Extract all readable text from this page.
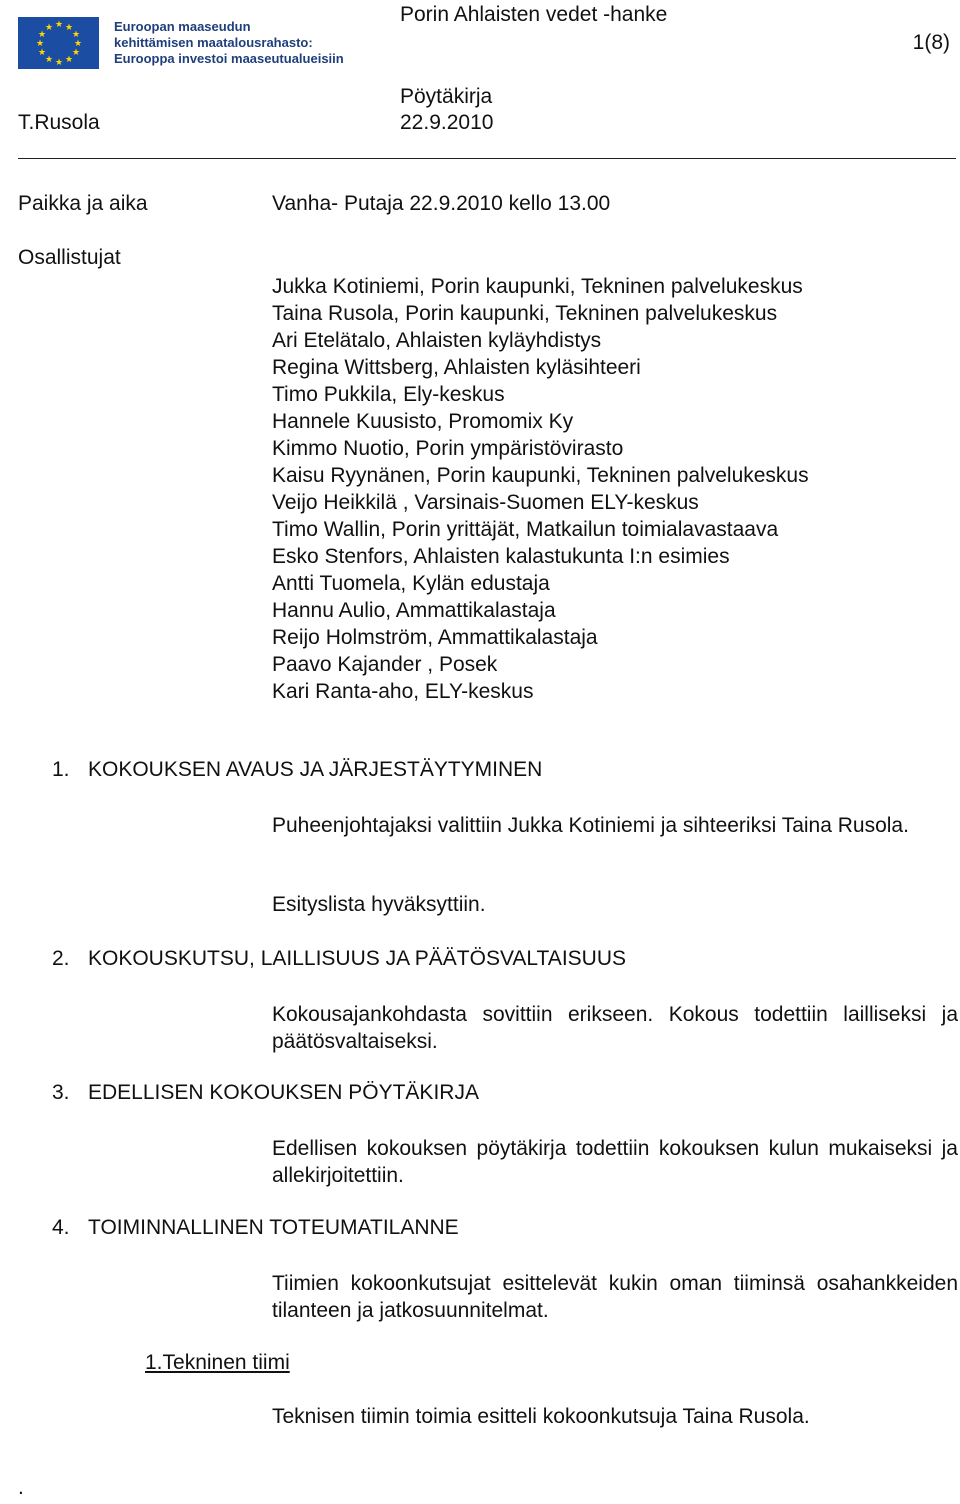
★ ★
★
★
★
★
★
★
★
★
★
★	Euroopan maaseudun
kehittämisen maatalousrahasto:
Eurooppa investoi maaseutualueisiin
Porin Ahlaisten vedet -hanke
1(8)
Pöytäkirja
T.Rusola	22.9.2010
Paikka ja aika	Vanha- Putaja 22.9.2010 kello 13.00
Osallistujat
Jukka Kotiniemi, Porin kaupunki, Tekninen palvelukeskus
Taina Rusola, Porin kaupunki, Tekninen palvelukeskus
Ari Etelätalo, Ahlaisten kyläyhdistys
Regina Wittsberg, Ahlaisten kyläsihteeri
Timo Pukkila, Ely-keskus
Hannele Kuusisto, Promomix Ky
Kimmo Nuotio, Porin ympäristövirasto
Kaisu Ryynänen, Porin kaupunki, Tekninen palvelukeskus
Veijo Heikkilä , Varsinais-Suomen ELY-keskus
Timo Wallin, Porin yrittäjät, Matkailun toimialavastaava
Esko Stenfors, Ahlaisten kalastukunta I:n esimies
Antti Tuomela, Kylän edustaja
Hannu Aulio, Ammattikalastaja
Reijo Holmström, Ammattikalastaja
Paavo Kajander , Posek
Kari Ranta-aho, ELY-keskus
1. KOKOUKSEN AVAUS JA JÄRJESTÄYTYMINEN
Puheenjohtajaksi valittiin Jukka Kotiniemi ja sihteeriksi Taina Rusola.
Esityslista hyväksyttiin.
2. KOKOUSKUTSU, LAILLISUUS JA PÄÄTÖSVALTAISUUS
Kokousajankohdasta sovittiin erikseen. Kokous todettiin lailliseksi ja päätösvaltaiseksi.
3. EDELLISEN KOKOUKSEN PÖYTÄKIRJA
Edellisen kokouksen pöytäkirja todettiin kokouksen kulun mukaiseksi ja allekirjoitettiin.
4. TOIMINNALLINEN TOTEUMATILANNE
Tiimien kokoonkutsujat esittelevät kukin oman tiiminsä osahankkeiden tilanteen ja jatkosuunnitelmat.
1.Tekninen tiimi
Teknisen tiimin toimia esitteli kokoonkutsuja Taina Rusola.
.
